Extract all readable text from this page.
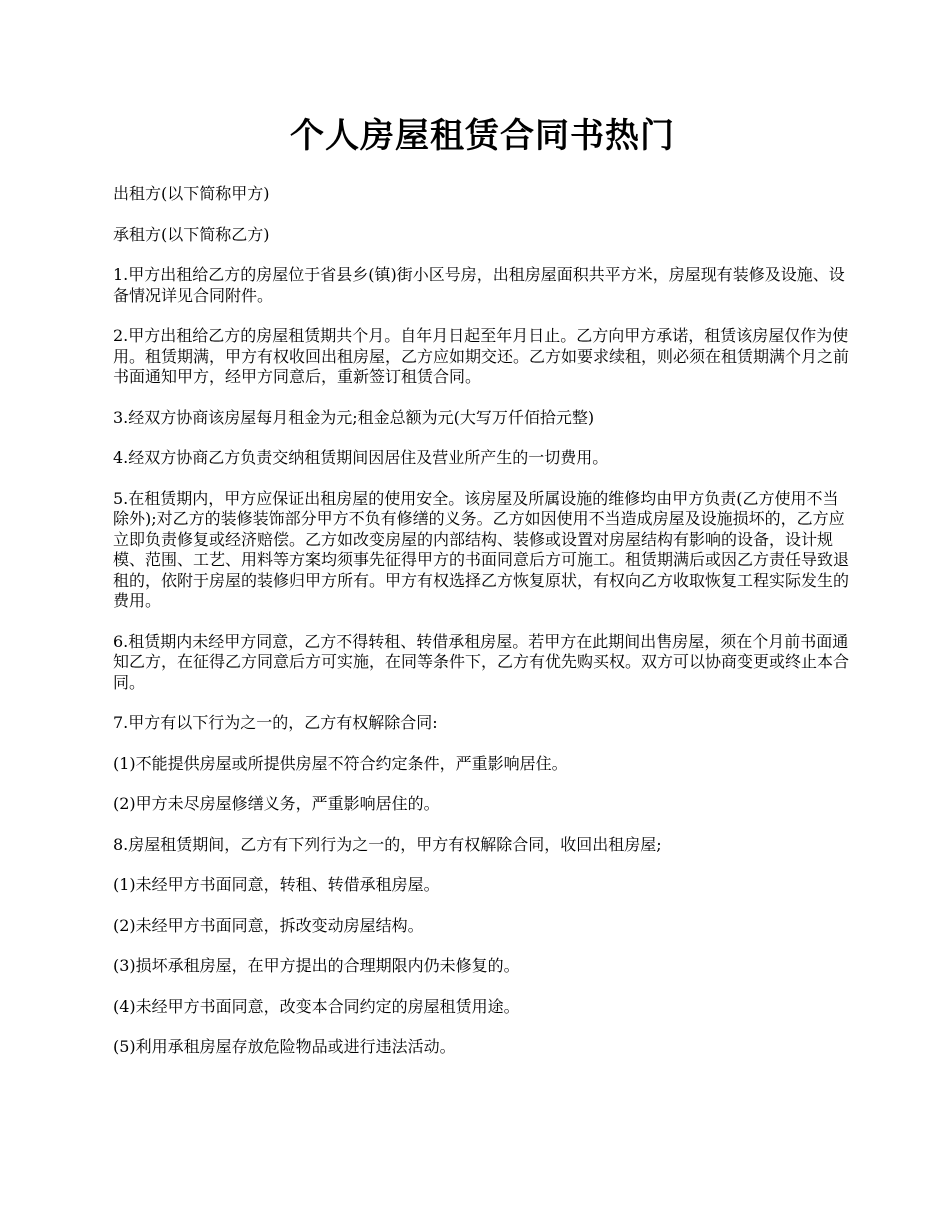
个人房屋租赁合同书热门

出租方(以下简称甲方)

承租方(以下简称乙方)

1.甲方出租给乙方的房屋位于省县乡(镇)街小区号房，出租房屋面积共平方米，房屋现有装修及设施、设备情况详见合同附件。

2.甲方出租给乙方的房屋租赁期共个月。自年月日起至年月日止。乙方向甲方承诺，租赁该房屋仅作为使用。租赁期满，甲方有权收回出租房屋，乙方应如期交还。乙方如要求续租，则必须在租赁期满个月之前书面通知甲方，经甲方同意后，重新签订租赁合同。

3.经双方协商该房屋每月租金为元;租金总额为元(大写万仟佰拾元整)

4.经双方协商乙方负责交纳租赁期间因居住及营业所产生的一切费用。

5.在租赁期内，甲方应保证出租房屋的使用安全。该房屋及所属设施的维修均由甲方负责(乙方使用不当除外);对乙方的装修装饰部分甲方不负有修缮的义务。乙方如因使用不当造成房屋及设施损坏的，乙方应立即负责修复或经济赔偿。乙方如改变房屋的内部结构、装修或设置对房屋结构有影响的设备，设计规模、范围、工艺、用料等方案均须事先征得甲方的书面同意后方可施工。租赁期满后或因乙方责任导致退租的，依附于房屋的装修归甲方所有。甲方有权选择乙方恢复原状，有权向乙方收取恢复工程实际发生的费用。

6.租赁期内未经甲方同意，乙方不得转租、转借承租房屋。若甲方在此期间出售房屋，须在个月前书面通知乙方，在征得乙方同意后方可实施，在同等条件下，乙方有优先购买权。双方可以协商变更或终止本合同。

7.甲方有以下行为之一的，乙方有权解除合同:

(1)不能提供房屋或所提供房屋不符合约定条件，严重影响居住。

(2)甲方未尽房屋修缮义务，严重影响居住的。

8.房屋租赁期间，乙方有下列行为之一的，甲方有权解除合同，收回出租房屋;

(1)未经甲方书面同意，转租、转借承租房屋。

(2)未经甲方书面同意，拆改变动房屋结构。

(3)损坏承租房屋，在甲方提出的合理期限内仍未修复的。

(4)未经甲方书面同意，改变本合同约定的房屋租赁用途。

(5)利用承租房屋存放危险物品或进行违法活动。
